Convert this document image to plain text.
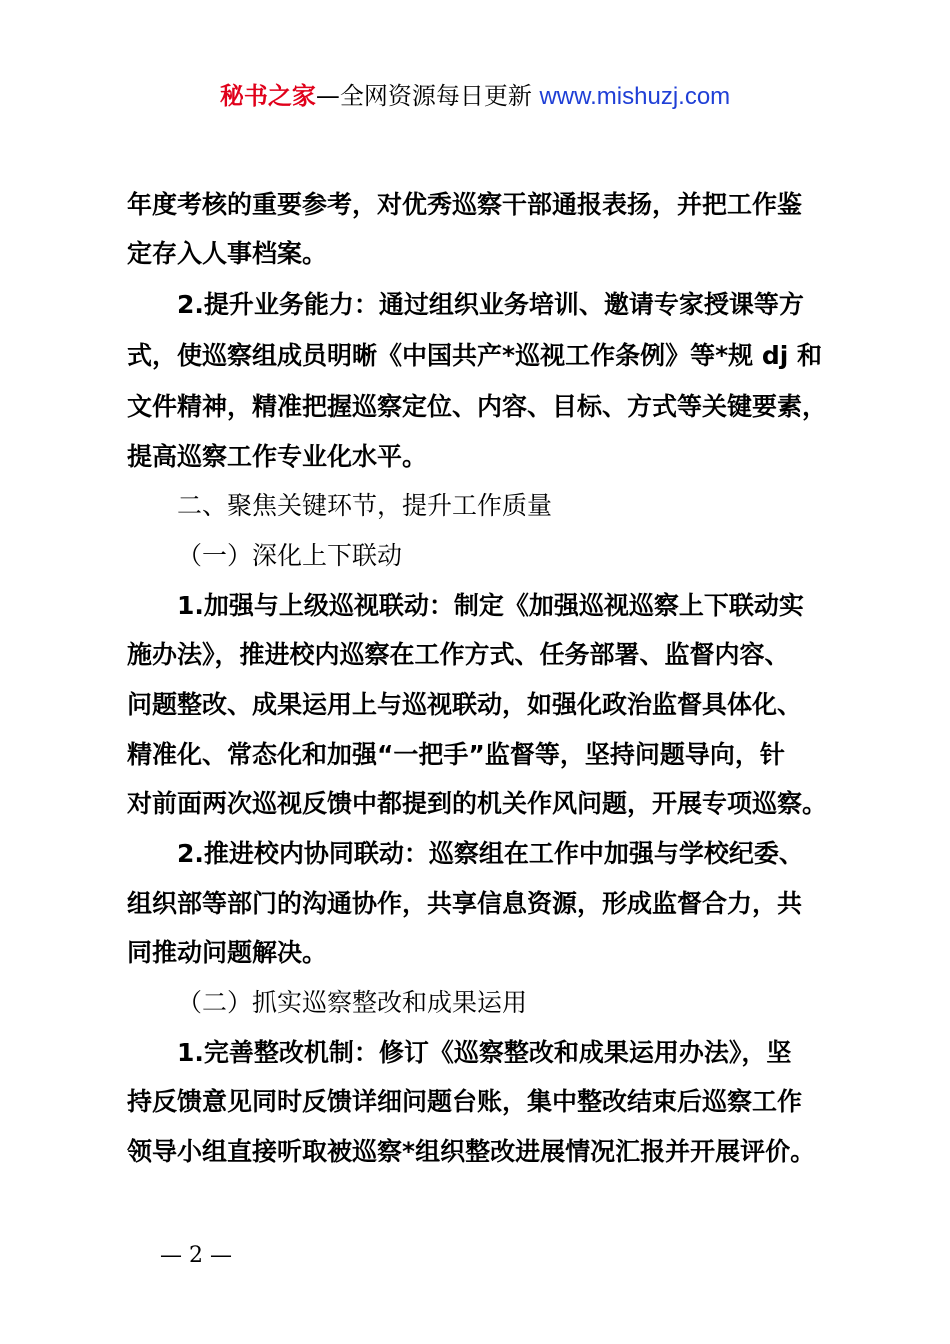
秘书之家—全网资源每日更新 www.mishuzj.com
年度考核的重要参考，对优秀巡察干部通报表扬，并把工作鉴
定存入人事档案。
2.提升业务能力：通过组织业务培训、邀请专家授课等方
式，使巡察组成员明晰《中国共产*巡视工作条例》等*规 dj 和
文件精神，精准把握巡察定位、内容、目标、方式等关键要素，
提高巡察工作专业化水平。
二、聚焦关键环节，提升工作质量
（一）深化上下联动
1.加强与上级巡视联动：制定《加强巡视巡察上下联动实
施办法》，推进校内巡察在工作方式、任务部署、监督内容、
问题整改、成果运用上与巡视联动，如强化政治监督具体化、
精准化、常态化和加强“一把手”监督等，坚持问题导向，针
对前面两次巡视反馈中都提到的机关作风问题，开展专项巡察。
2.推进校内协同联动：巡察组在工作中加强与学校纪委、
组织部等部门的沟通协作，共享信息资源，形成监督合力，共
同推动问题解决。
（二）抓实巡察整改和成果运用
1.完善整改机制：修订《巡察整改和成果运用办法》，坚
持反馈意见同时反馈详细问题台账，集中整改结束后巡察工作
领导小组直接听取被巡察*组织整改进展情况汇报并开展评价。
— 2 —
